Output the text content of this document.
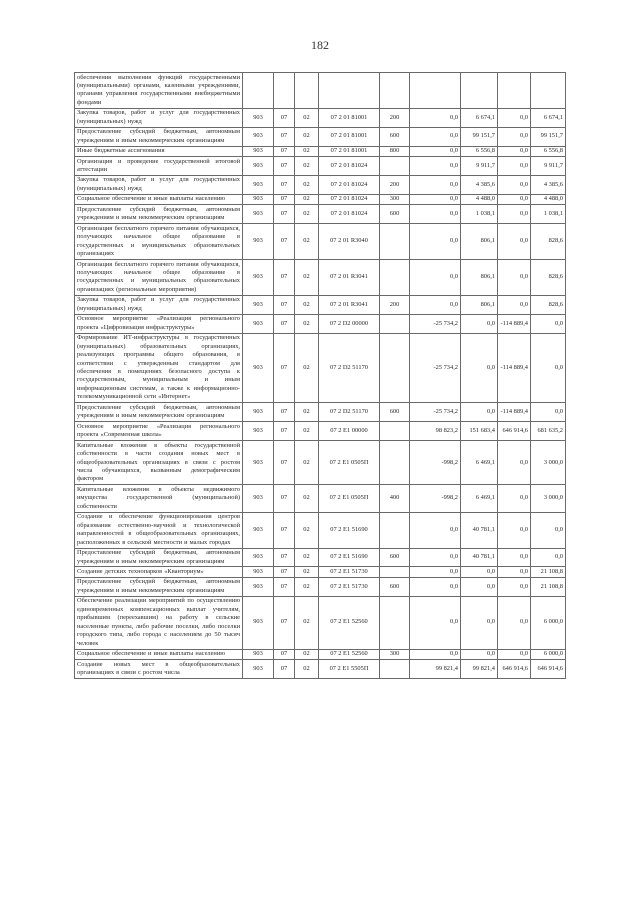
182
обеспечения выполнения функций государственными (муниципальными) органами, казенными учреждениями, органами управления государственными внебюджетными фондами									
Закупка товаров, работ и услуг для государственных (муниципальных) нужд	903	07	02	07 2 01 81001	200	0,0	6 674,1	0,0	6 674,1
Предоставление субсидий бюджетным, автономным учреждениям и иным некоммерческим организациям	903	07	02	07 2 01 81001	600	0,0	99 151,7	0,0	99 151,7
Иные бюджетные ассигнования	903	07	02	07 2 01 81001	800	0,0	6 556,8	0,0	6 556,8
Организация и проведение государственной итоговой аттестации	903	07	02	07 2 01 81024		0,0	9 911,7	0,0	9 911,7
Закупка товаров, работ и услуг для государственных (муниципальных) нужд	903	07	02	07 2 01 81024	200	0,0	4 385,6	0,0	4 385,6
Социальное обеспечение и иные выплаты населению	903	07	02	07 2 01 81024	300	0,0	4 488,0	0,0	4 488,0
Предоставление субсидий бюджетным, автономным учреждениям и иным некоммерческим организациям	903	07	02	07 2 01 81024	600	0,0	1 038,1	0,0	1 038,1
Организация бесплатного горячего питания обучающихся, получающих начальное общее образование в государственных и муниципальных образовательных организациях	903	07	02	07 2 01 R3040		0,0	806,1	0,0	828,6
Организация бесплатного горячего питания обучающихся, получающих начальное общее образование в государственных и муниципальных образовательных организациях (региональные мероприятия)	903	07	02	07 2 01 R3041		0,0	806,1	0,0	828,6
Закупка товаров, работ и услуг для государственных (муниципальных) нужд	903	07	02	07 2 01 R3041	200	0,0	806,1	0,0	828,6
Основное мероприятие «Реализация регионального проекта «Цифровизация инфраструктуры»	903	07	02	07 2 D2 00000		-25 734,2	0,0	-114 889,4	0,0
Формирование ИТ-инфраструктуры в государственных (муниципальных) образовательных организациях, реализующих программы общего образования, в соответствии с утвержденным стандартом для обеспечения в помещениях безопасного доступа к государственным, муниципальным и иным информационным системам, а также к информационно-телекоммуникационной сети «Интернет»	903	07	02	07 2 D2 51170		-25 734,2	0,0	-114 889,4	0,0
Предоставление субсидий бюджетным, автономным учреждениям и иным некоммерческим организациям	903	07	02	07 2 D2 51170	600	-25 734,2	0,0	-114 889,4	0,0
Основное мероприятие «Реализация регионального проекта «Современная школа»	903	07	02	07 2 E1 00000		98 823,2	151 683,4	646 914,6	681 635,2
Капитальные вложения в объекты государственной собственности в части создания новых мест в общеобразовательных организациях в связи с ростом числа обучающихся, вызванным демографическим фактором	903	07	02	07 2 E1 0505П		-998,2	6 469,1	0,0	3 000,0
Капитальные вложения в объекты недвижимого имущества государственной (муниципальной) собственности	903	07	02	07 2 E1 0505П	400	-998,2	6 469,1	0,0	3 000,0
Создание и обеспечение функционирования центров образования естественно-научной и технологической направленностей в общеобразовательных организациях, расположенных в сельской местности и малых городах	903	07	02	07 2 E1 51690		0,0	40 781,1	0,0	0,0
Предоставление субсидий бюджетным, автономным учреждениям и иным некоммерческим организациям	903	07	02	07 2 E1 51690	600	0,0	40 781,1	0,0	0,0
Создание детских технопарков «Кванториум»	903	07	02	07 2 E1 51730		0,0	0,0	0,0	21 108,8
Предоставление субсидий бюджетным, автономным учреждениям и иным некоммерческим организациям	903	07	02	07 2 E1 51730	600	0,0	0,0	0,0	21 108,8
Обеспечение реализации мероприятий по осуществлению единовременных компенсационных выплат учителям, прибывшим (переехавшим) на работу в сельские населенные пункты, либо рабочие поселки, либо поселки городского типа, либо города с населением до 50 тысяч человек	903	07	02	07 2 E1 52560		0,0	0,0	0,0	6 000,0
Социальное обеспечение и иные выплаты населению	903	07	02	07 2 E1 52560	300	0,0	0,0	0,0	6 000,0
Создание новых мест в общеобразовательных организациях в связи с ростом числа	903	07	02	07 2 E1 5505П		99 821,4	99 821,4	646 914,6	646 914,6
